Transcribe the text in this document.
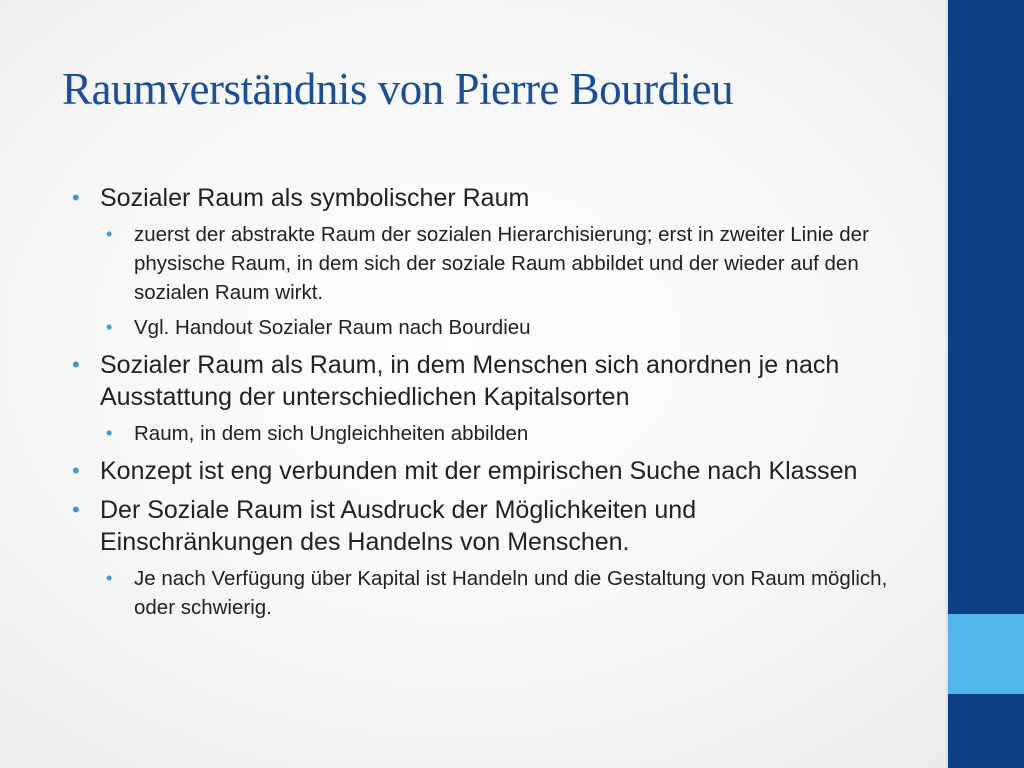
Raumverständnis von Pierre Bourdieu
• Sozialer Raum als symbolischer Raum
• zuerst der abstrakte Raum der sozialen Hierarchisierung; erst in zweiter Linie der physische Raum, in dem sich der soziale Raum abbildet und der wieder auf den sozialen Raum wirkt.
• Vgl. Handout Sozialer Raum nach Bourdieu
• Sozialer Raum als Raum, in dem Menschen sich anordnen je nach Ausstattung der unterschiedlichen Kapitalsorten
• Raum, in dem sich Ungleichheiten abbilden
• Konzept ist eng verbunden mit der empirischen Suche nach Klassen
• Der Soziale Raum ist Ausdruck der Möglichkeiten und Einschränkungen des Handelns von Menschen.
• Je nach Verfügung über Kapital ist Handeln und die Gestaltung von Raum möglich, oder schwierig.
